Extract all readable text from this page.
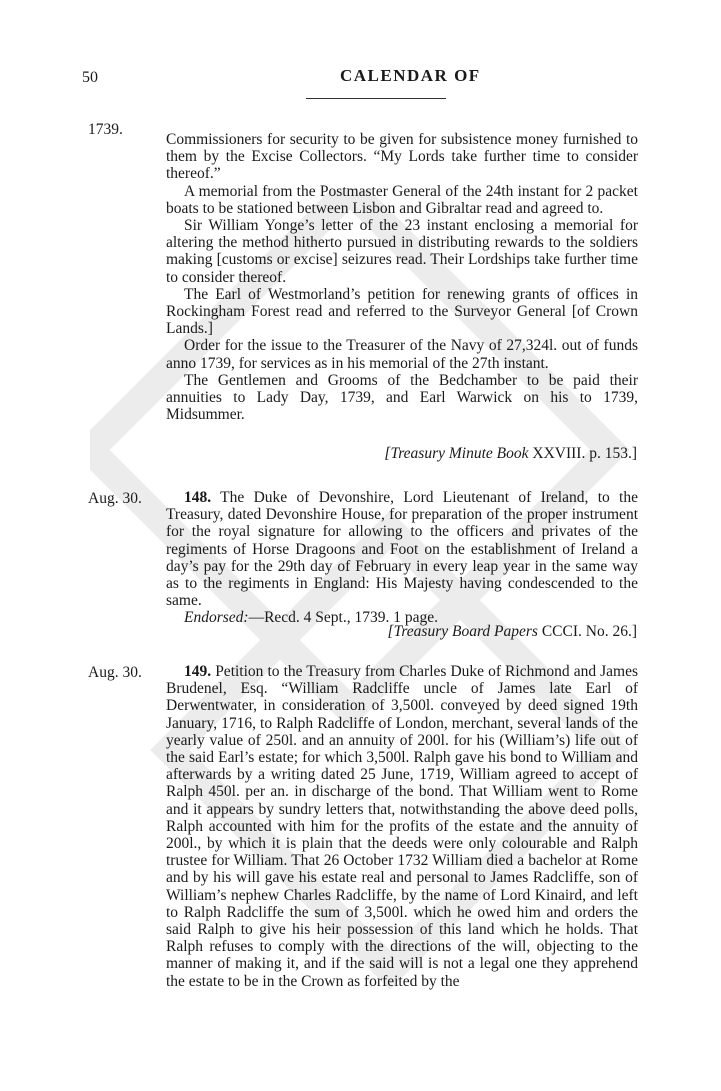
50	CALENDAR OF
1739.

Commissioners for security to be given for subsistence money furnished to them by the Excise Collectors. “My Lords take further time to consider thereof.”

A memorial from the Postmaster General of the 24th instant for 2 packet boats to be stationed between Lisbon and Gibraltar read and agreed to.

Sir William Yonge’s letter of the 23 instant enclosing a memorial for altering the method hitherto pursued in distributing rewards to the soldiers making [customs or excise] seizures read. Their Lordships take further time to consider thereof.

The Earl of Westmorland’s petition for renewing grants of offices in Rockingham Forest read and referred to the Surveyor General [of Crown Lands.]

Order for the issue to the Treasurer of the Navy of 27,324l. out of funds anno 1739, for services as in his memorial of the 27th instant.

The Gentlemen and Grooms of the Bedchamber to be paid their annuities to Lady Day, 1739, and Earl Warwick on his to 1739, Midsummer.

[Treasury Minute Book XXVIII. p. 153.]
Aug. 30.	148. The Duke of Devonshire, Lord Lieutenant of Ireland, to the Treasury, dated Devonshire House, for preparation of the proper instrument for the royal signature for allowing to the officers and privates of the regiments of Horse Dragoons and Foot on the establishment of Ireland a day’s pay for the 29th day of February in every leap year in the same way as to the regiments in England: His Majesty having condescended to the same.

Endorsed:—Recd. 4 Sept., 1739. 1 page.

[Treasury Board Papers CCCI. No. 26.]
Aug. 30.	149. Petition to the Treasury from Charles Duke of Richmond and James Brudenel, Esq. “William Radcliffe uncle of James late Earl of Derwentwater, in consideration of 3,500l. conveyed by deed signed 19th January, 1716, to Ralph Radcliffe of London, merchant, several lands of the yearly value of 250l. and an annuity of 200l. for his (William’s) life out of the said Earl’s estate; for which 3,500l. Ralph gave his bond to William and afterwards by a writing dated 25 June, 1719, William agreed to accept of Ralph 450l. per an. in discharge of the bond. That William went to Rome and it appears by sundry letters that, notwithstanding the above deed polls, Ralph accounted with him for the profits of the estate and the annuity of 200l., by which it is plain that the deeds were only colourable and Ralph trustee for William. That 26 October 1732 William died a bachelor at Rome and by his will gave his estate real and personal to James Radcliffe, son of William’s nephew Charles Radcliffe, by the name of Lord Kinaird, and left to Ralph Radcliffe the sum of 3,500l. which he owed him and orders the said Ralph to give his heir possession of this land which he holds. That Ralph refuses to comply with the directions of the will, objecting to the manner of making it, and if the said will is not a legal one they apprehend the estate to be in the Crown as forfeited by the
